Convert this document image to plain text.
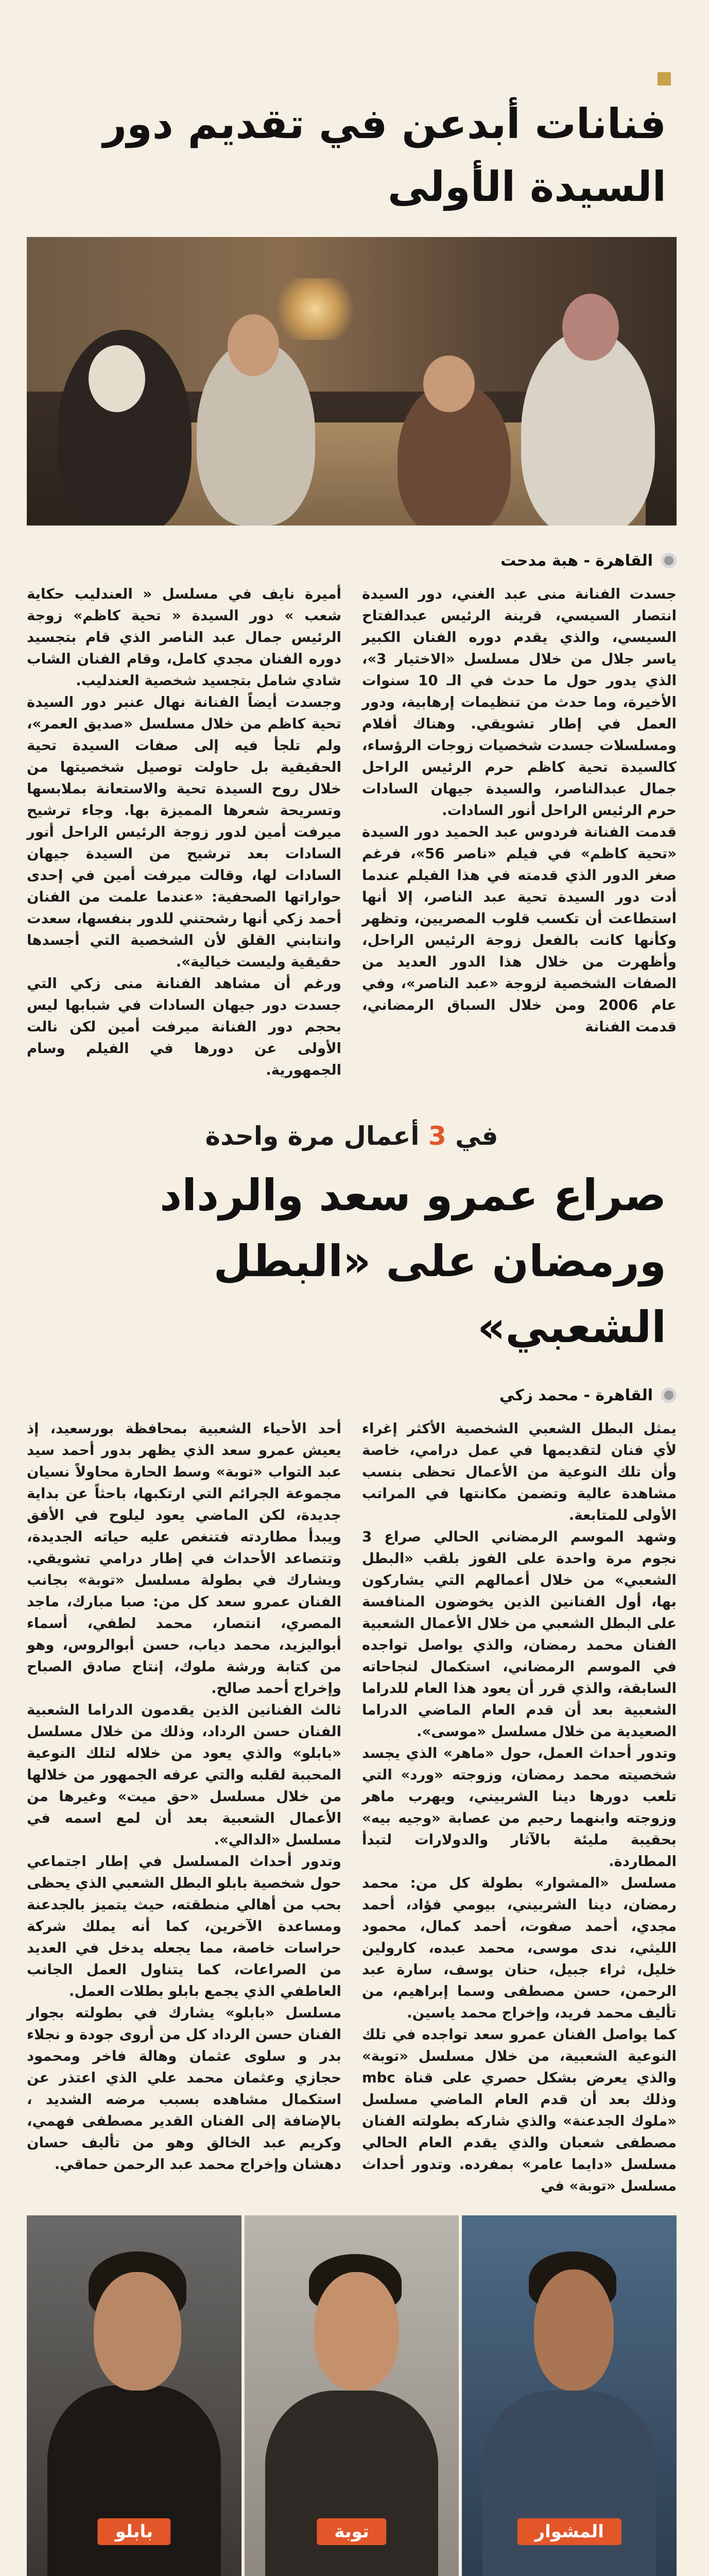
فنانات أبدعن في تقديم دور السيدة الأولى
القاهرة - هبة مدحت

جسدت الفنانة منى عبد الغني، دور السيدة انتصار السيسي، قرينة الرئيس عبدالفتاح السيسي، والذي يقدم دوره الفنان الكبير ياسر جلال من خلال مسلسل «الاختيار 3»، الذي يدور حول ما حدث في الـ 10 سنوات الأخيرة، وما حدث من تنظيمات إرهابية، ودور العمل في إطار تشويقي. وهناك أفلام ومسلسلات جسدت شخصيات زوجات الرؤساء، كالسيدة تحية كاظم حرم الرئيس الراحل جمال عبدالناصر، والسيدة جيهان السادات حرم الرئيس الراحل أنور السادات.

قدمت الفنانة فردوس عبد الحميد دور السيدة «تحية كاظم» في فيلم «ناصر 56»، فرغم صغر الدور الذي قدمته في هذا الفيلم عندما أدت دور السيدة تحية عبد الناصر، إلا أنها استطاعت أن تكسب قلوب المصريين، وتظهر وكأنها كانت بالفعل زوجة الرئيس الراحل، وأظهرت من خلال هذا الدور العديد من الصفات الشخصية لزوجة «عبد الناصر»، وفي عام 2006 ومن خلال السباق الرمضاني، قدمت الفنانة

أميرة نايف في مسلسل « العندليب حكاية شعب » دور السيدة « تحية كاظم» زوجة الرئيس جمال عبد الناصر الذي قام بتجسيد دوره الفنان مجدي كامل، وقام الفنان الشاب شادي شامل بتجسيد شخصية العندليب.

وجسدت أيضاً الفنانة نهال عنبر دور السيدة تحية كاظم من خلال مسلسل «صديق العمر»، ولم تلجأ فيه إلى صفات السيدة تحية الحقيقية بل حاولت توصيل شخصيتها من خلال روح السيدة تحية والاستعانة بملابسها وتسريحة شعرها المميزة بها. وجاء ترشيح ميرفت أمين لدور زوجة الرئيس الراحل أنور السادات بعد ترشيح من السيدة جيهان السادات لها، وقالت ميرفت أمين في إحدى حواراتها الصحفية: «عندما علمت من الفنان أحمد زكي أنها رشحتني للدور بنفسها، سعدت وانتابني القلق لأن الشخصية التي أجسدها حقيقية وليست خيالية».

ورغم أن مشاهد الفنانة منى زكي التي جسدت دور جيهان السادات في شبابها ليس بحجم دور الفنانة ميرفت أمين لكن نالت الأولى عن دورها في الفيلم وسام الجمهورية.

في 3 أعمال مرة واحدة
صراع عمرو سعد والرداد ورمضان على «البطل الشعبي»
القاهرة - محمد زكي

يمثل البطل الشعبي الشخصية الأكثر إغراء لأي فنان لتقديمها في عمل درامي، خاصة وأن تلك النوعية من الأعمال تحظى بنسب مشاهدة عالية وتضمن مكانتها في المراتب الأولى للمتابعة.

وشهد الموسم الرمضاني الحالي صراع 3 نجوم مرة واحدة على الفوز بلقب «البطل الشعبي» من خلال أعمالهم التي يشاركون بها، أول الفنانين الذين يخوضون المنافسة على البطل الشعبي من خلال الأعمال الشعبية الفنان محمد رمضان، والذي يواصل تواجده في الموسم الرمضاني، استكمال لنجاحاته السابقة، والذي قرر أن يعود هذا العام للدراما الشعبية بعد أن قدم العام الماضي الدراما الصعيدية من خلال مسلسل «موسى».

وتدور أحداث العمل، حول «ماهر» الذي يجسد شخصيته محمد رمضان، وزوجته «ورد» التي تلعب دورها دينا الشربيني، ويهرب ماهر وزوجته وابنهما رحيم من عصابة «وجيه بيه» بحقيبة مليئة بالآثار والدولارات لتبدأ المطاردة.

مسلسل «المشوار» بطولة كل من: محمد رمضان، دينا الشربيني، بيومي فؤاد، أحمد مجدي، أحمد صفوت، أحمد كمال، محمود الليثي، ندى موسى، محمد عبده، كارولين خليل، ثراء جبيل، حنان يوسف، سارة عبد الرحمن، حسن مصطفى وسما إبراهيم، من تأليف محمد فريد، وإخراج محمد ياسين.

كما يواصل الفنان عمرو سعد تواجده في تلك النوعية الشعبية، من خلال مسلسل «توبة» والذي يعرض بشكل حصري على قناة mbc وذلك بعد أن قدم العام الماضي مسلسل «ملوك الجدعنة» والذي شاركه بطولته الفنان مصطفى شعبان والذي يقدم العام الحالي مسلسل «دايما عامر» بمفرده. وتدور أحداث مسلسل «توبة» في

أحد الأحياء الشعبية بمحافظة بورسعيد، إذ يعيش عمرو سعد الذي يظهر بدور أحمد سيد عبد التواب «توبة» وسط الحارة محاولاً نسيان مجموعة الجرائم التي ارتكبها، باحثاً عن بداية جديدة، لكن الماضي يعود ليلوح في الأفق ويبدأ مطاردته فتنغص عليه حياته الجديدة، وتتصاعد الأحداث في إطار درامي تشويقي. ويشارك في بطولة مسلسل «توبة» بجانب الفنان عمرو سعد كل من: صبا مبارك، ماجد المصري، انتصار، محمد لطفي، أسماء أبواليزيد، محمد دياب، حسن أبوالروس، وهو من كتابة ورشة ملوك، إنتاج صادق الصباح وإخراج أحمد صالح.

ثالث الفنانين الذين يقدمون الدراما الشعبية الفنان حسن الرداد، وذلك من خلال مسلسل «بابلو» والذي يعود من خلاله لتلك النوعية المحببة لقلبه والتي عرفه الجمهور من خلالها من خلال مسلسل «حق ميت» وغيرها من الأعمال الشعبية بعد أن لمع اسمه في مسلسل «الدالي».

وتدور أحداث المسلسل في إطار اجتماعي حول شخصية بابلو البطل الشعبي الذي يحظى بحب من أهالي منطقته، حيث يتميز بالجدعنة ومساعدة الآخرين، كما أنه يملك شركة حراسات خاصة، مما يجعله يدخل في العديد من الصراعات، كما يتناول العمل الجانب العاطفي الذي يجمع بابلو بطلات العمل.

مسلسل «بابلو» يشارك في بطولته بجوار الفنان حسن الرداد كل من أروى جودة و نجلاء بدر و سلوى عثمان وهالة فاخر ومحمود حجازي وعثمان محمد علي الذي اعتذر عن استكمال مشاهده بسبب مرضه الشديد ، بالإضافة إلى الفنان القدير مصطفى فهمي، وكريم عبد الخالق وهو من تأليف حسان دهشان وإخراج محمد عبد الرحمن حماقي.

بابلو	توبة	المشوار
